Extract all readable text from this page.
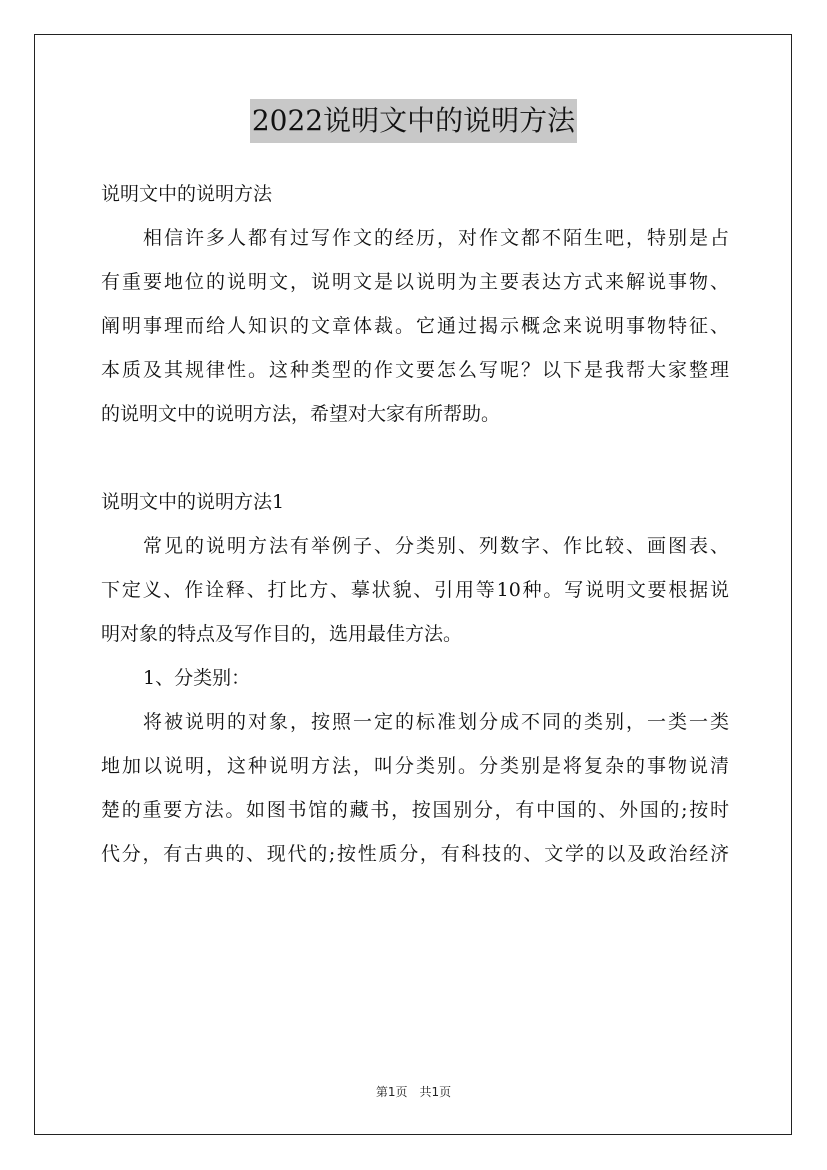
2022说明文中的说明方法
说明文中的说明方法
相信许多人都有过写作文的经历，对作文都不陌生吧，特别是占
有重要地位的说明文，说明文是以说明为主要表达方式来解说事物、
阐明事理而给人知识的文章体裁。它通过揭示概念来说明事物特征、
本质及其规律性。这种类型的作文要怎么写呢？以下是我帮大家整理
的说明文中的说明方法，希望对大家有所帮助。
说明文中的说明方法1
常见的说明方法有举例子、分类别、列数字、作比较、画图表、
下定义、作诠释、打比方、摹状貌、引用等10种。写说明文要根据说
明对象的特点及写作目的，选用最佳方法。
1、分类别：
将被说明的对象，按照一定的标准划分成不同的类别，一类一类
地加以说明，这种说明方法，叫分类别。分类别是将复杂的事物说清
楚的重要方法。如图书馆的藏书，按国别分，有中国的、外国的;按时
代分，有古典的、现代的;按性质分，有科技的、文学的以及政治经济
第1页　共1页
